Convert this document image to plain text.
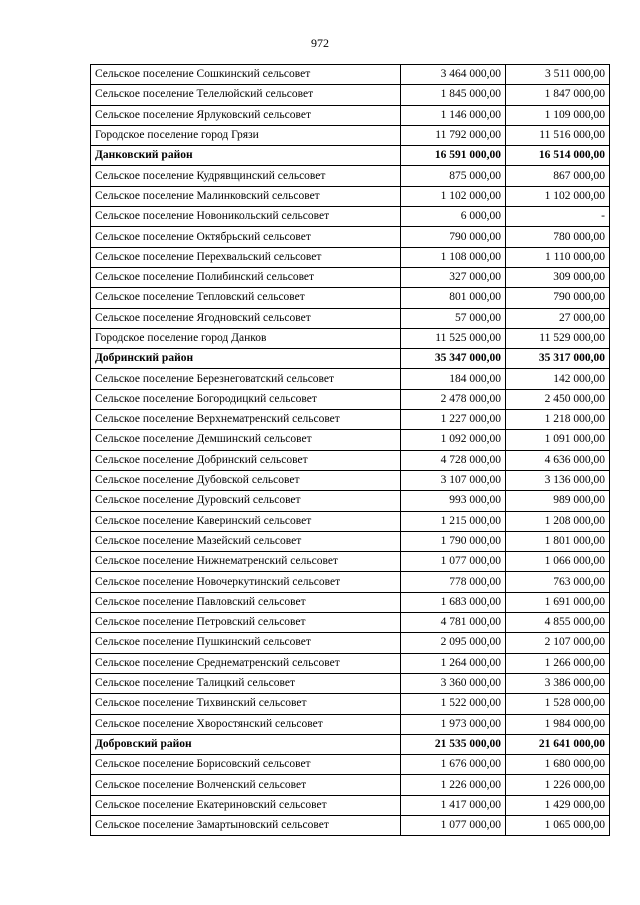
972
Сельское поселение Сошкинский сельсовет	3 464 000,00	3 511 000,00
Сельское поселение Телелюйский сельсовет	1 845 000,00	1 847 000,00
Сельское поселение Ярлуковский сельсовет	1 146 000,00	1 109 000,00
Городское поселение город Грязи	11 792 000,00	11 516 000,00
Данковский район	16 591 000,00	16 514 000,00
Сельское поселение Кудрявщинский сельсовет	875 000,00	867 000,00
Сельское поселение Малинковский сельсовет	1 102 000,00	1 102 000,00
Сельское поселение Новоникольский сельсовет	6 000,00	-
Сельское поселение Октябрьский сельсовет	790 000,00	780 000,00
Сельское поселение Перехвальский сельсовет	1 108 000,00	1 110 000,00
Сельское поселение Полибинский сельсовет	327 000,00	309 000,00
Сельское поселение Тепловский сельсовет	801 000,00	790 000,00
Сельское поселение Ягодновский сельсовет	57 000,00	27 000,00
Городское поселение город Данков	11 525 000,00	11 529 000,00
Добринский район	35 347 000,00	35 317 000,00
Сельское поселение Березнеговатский сельсовет	184 000,00	142 000,00
Сельское поселение Богородицкий сельсовет	2 478 000,00	2 450 000,00
Сельское поселение Верхнематренский сельсовет	1 227 000,00	1 218 000,00
Сельское поселение Демшинский сельсовет	1 092 000,00	1 091 000,00
Сельское поселение Добринский сельсовет	4 728 000,00	4 636 000,00
Сельское поселение Дубовской сельсовет	3 107 000,00	3 136 000,00
Сельское поселение Дуровский сельсовет	993 000,00	989 000,00
Сельское поселение Каверинский сельсовет	1 215 000,00	1 208 000,00
Сельское поселение Мазейский сельсовет	1 790 000,00	1 801 000,00
Сельское поселение Нижнематренский сельсовет	1 077 000,00	1 066 000,00
Сельское поселение Новочеркутинский сельсовет	778 000,00	763 000,00
Сельское поселение Павловский сельсовет	1 683 000,00	1 691 000,00
Сельское поселение Петровский сельсовет	4 781 000,00	4 855 000,00
Сельское поселение Пушкинский сельсовет	2 095 000,00	2 107 000,00
Сельское поселение Среднематренский сельсовет	1 264 000,00	1 266 000,00
Сельское поселение Талицкий сельсовет	3 360 000,00	3 386 000,00
Сельское поселение Тихвинский сельсовет	1 522 000,00	1 528 000,00
Сельское поселение Хворостянский сельсовет	1 973 000,00	1 984 000,00
Добровский район	21 535 000,00	21 641 000,00
Сельское поселение Борисовский сельсовет	1 676 000,00	1 680 000,00
Сельское поселение Волченский сельсовет	1 226 000,00	1 226 000,00
Сельское поселение Екатериновский сельсовет	1 417 000,00	1 429 000,00
Сельское поселение Замартыновский сельсовет	1 077 000,00	1 065 000,00
